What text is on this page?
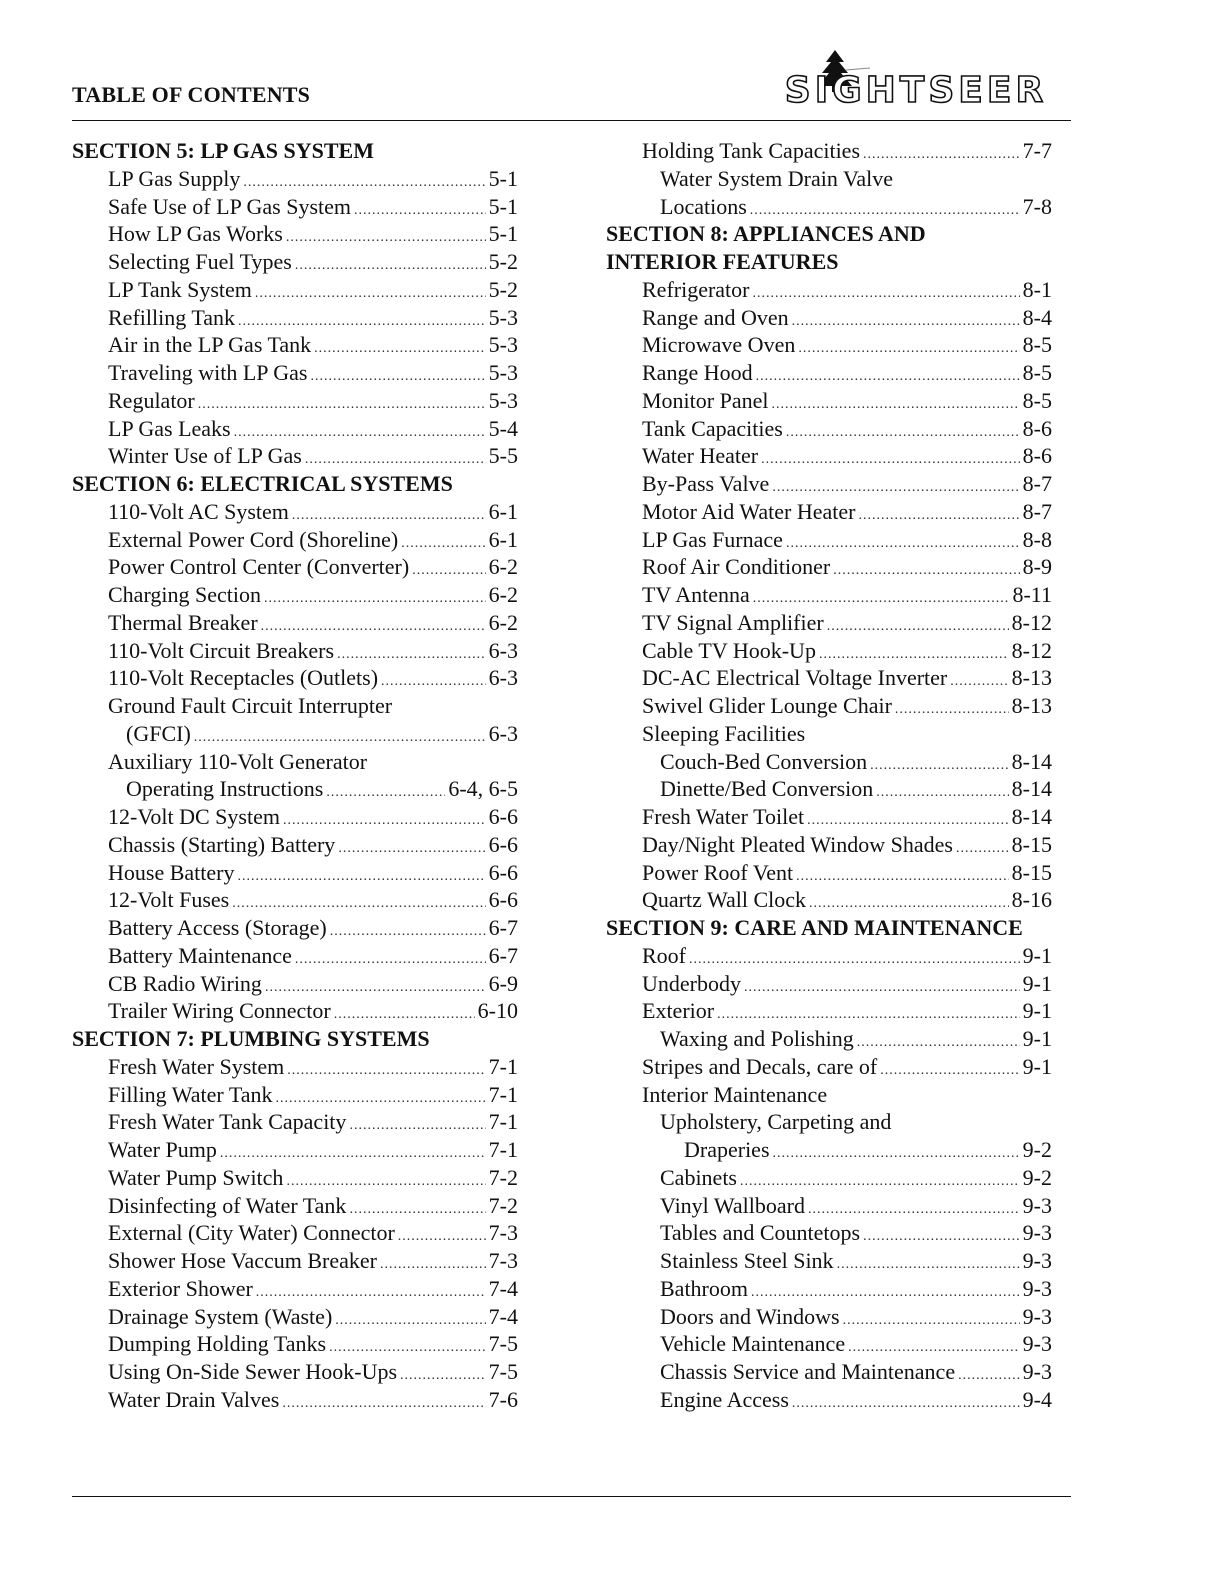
TABLE OF CONTENTS	SIGHTSEER
SECTION 5: LP GAS SYSTEM
LP Gas Supply .....	5-1
Safe Use of LP Gas System .....	5-1
How LP Gas Works .....	5-1
Selecting Fuel Types .....	5-2
LP Tank System .....	5-2
Refilling Tank .....	5-3
Air in the LP Gas Tank .....	5-3
Traveling with LP Gas .....	5-3
Regulator .....	5-3
LP Gas Leaks .....	5-4
Winter Use of LP Gas .....	5-5
SECTION 6: ELECTRICAL SYSTEMS
110-Volt AC System .....	6-1
External Power Cord (Shoreline) .....	6-1
Power Control Center (Converter) .....	6-2
Charging Section .....	6-2
Thermal Breaker .....	6-2
110-Volt Circuit Breakers .....	6-3
110-Volt Receptacles (Outlets) .....	6-3
Ground Fault Circuit Interrupter
(GFCI) .....	6-3
Auxiliary 110-Volt Generator
Operating Instructions .....	6-4, 6-5
12-Volt DC System .....	6-6
Chassis (Starting) Battery .....	6-6
House Battery .....	6-6
12-Volt Fuses .....	6-6
Battery Access (Storage) .....	6-7
Battery Maintenance .....	6-7
CB Radio Wiring .....	6-9
Trailer Wiring Connector .....	6-10
SECTION 7: PLUMBING SYSTEMS
Fresh Water System .....	7-1
Filling Water Tank .....	7-1
Fresh Water Tank Capacity .....	7-1
Water Pump .....	7-1
Water Pump Switch .....	7-2
Disinfecting of Water Tank .....	7-2
External (City Water) Connector .....	7-3
Shower Hose Vaccum Breaker .....	7-3
Exterior Shower .....	7-4
Drainage System (Waste) .....	7-4
Dumping Holding Tanks .....	7-5
Using On-Side Sewer Hook-Ups .....	7-5
Water Drain Valves .....	7-6
Holding Tank Capacities .....	7-7
Water System Drain Valve
Locations .....	7-8
SECTION 8: APPLIANCES AND
INTERIOR FEATURES
Refrigerator .....	8-1
Range and Oven .....	8-4
Microwave Oven .....	8-5
Range Hood .....	8-5
Monitor Panel .....	8-5
Tank Capacities .....	8-6
Water Heater .....	8-6
By-Pass Valve .....	8-7
Motor Aid Water Heater .....	8-7
LP Gas Furnace .....	8-8
Roof Air Conditioner .....	8-9
TV Antenna .....	8-11
TV Signal Amplifier .....	8-12
Cable TV Hook-Up .....	8-12
DC-AC Electrical Voltage Inverter .....	8-13
Swivel Glider Lounge Chair .....	8-13
Sleeping Facilities
Couch-Bed Conversion .....	8-14
Dinette/Bed Conversion .....	8-14
Fresh Water Toilet .....	8-14
Day/Night Pleated Window Shades .....	8-15
Power Roof Vent .....	8-15
Quartz Wall Clock .....	8-16
SECTION 9: CARE AND MAINTENANCE
Roof .....	9-1
Underbody .....	9-1
Exterior .....	9-1
Waxing and Polishing .....	9-1
Stripes and Decals, care of .....	9-1
Interior Maintenance
Upholstery, Carpeting and
Draperies .....	9-2
Cabinets .....	9-2
Vinyl Wallboard .....	9-3
Tables and Countetops .....	9-3
Stainless Steel Sink .....	9-3
Bathroom .....	9-3
Doors and Windows .....	9-3
Vehicle Maintenance .....	9-3
Chassis Service and Maintenance .....	9-3
Engine Access .....	9-4
